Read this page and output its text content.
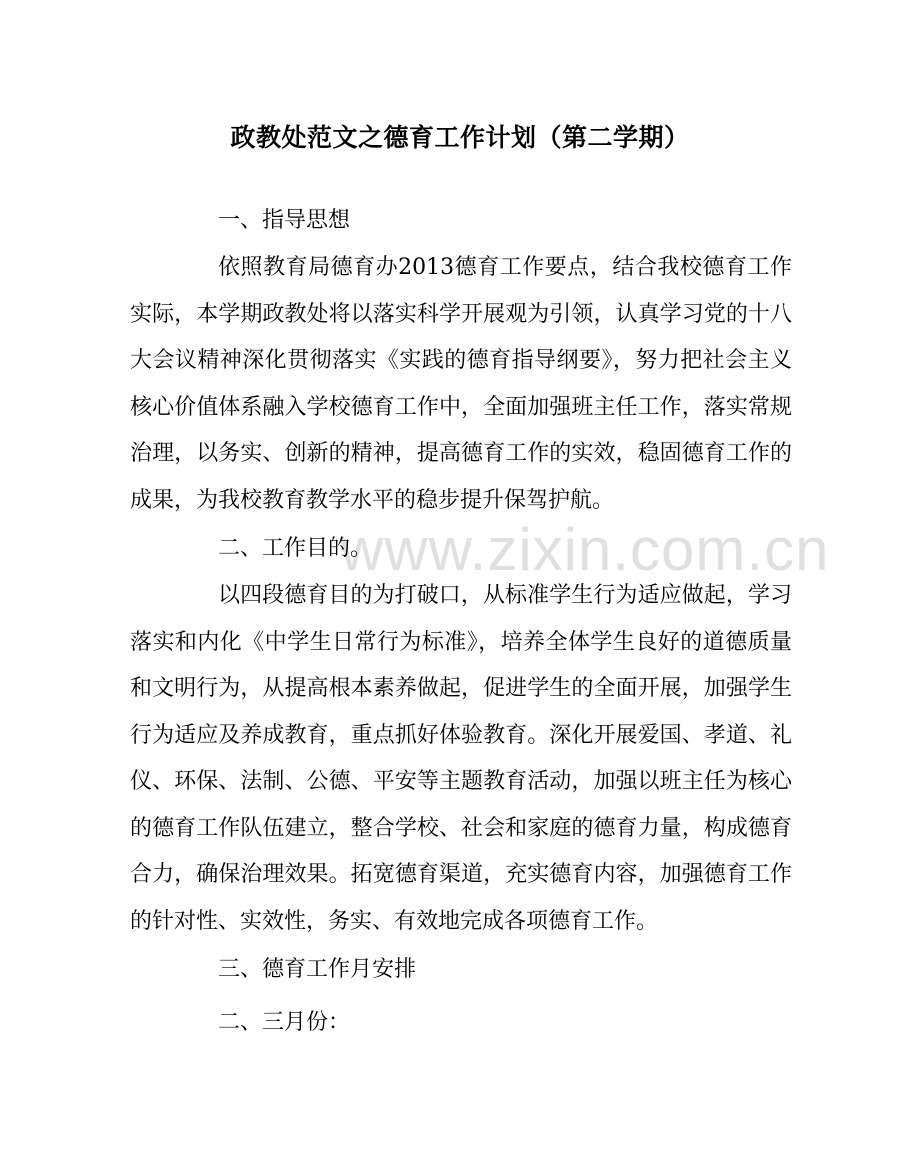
www.zixin.com.cn
政教处范文之德育工作计划（第二学期）

一、指导思想

依照教育局德育办2013德育工作要点，结合我校德育工作实际，本学期政教处将以落实科学开展观为引领，认真学习党的十八大会议精神深化贯彻落实《实践的德育指导纲要》，努力把社会主义核心价值体系融入学校德育工作中，全面加强班主任工作，落实常规治理，以务实、创新的精神，提高德育工作的实效，稳固德育工作的成果，为我校教育教学水平的稳步提升保驾护航。

二、工作目的。

以四段德育目的为打破口，从标准学生行为适应做起，学习落实和内化《中学生日常行为标准》，培养全体学生良好的道德质量和文明行为，从提高根本素养做起，促进学生的全面开展，加强学生行为适应及养成教育，重点抓好体验教育。深化开展爱国、孝道、礼仪、环保、法制、公德、平安等主题教育活动，加强以班主任为核心的德育工作队伍建立，整合学校、社会和家庭的德育力量，构成德育合力，确保治理效果。拓宽德育渠道，充实德育内容，加强德育工作的针对性、实效性，务实、有效地完成各项德育工作。

三、德育工作月安排

二、三月份：
